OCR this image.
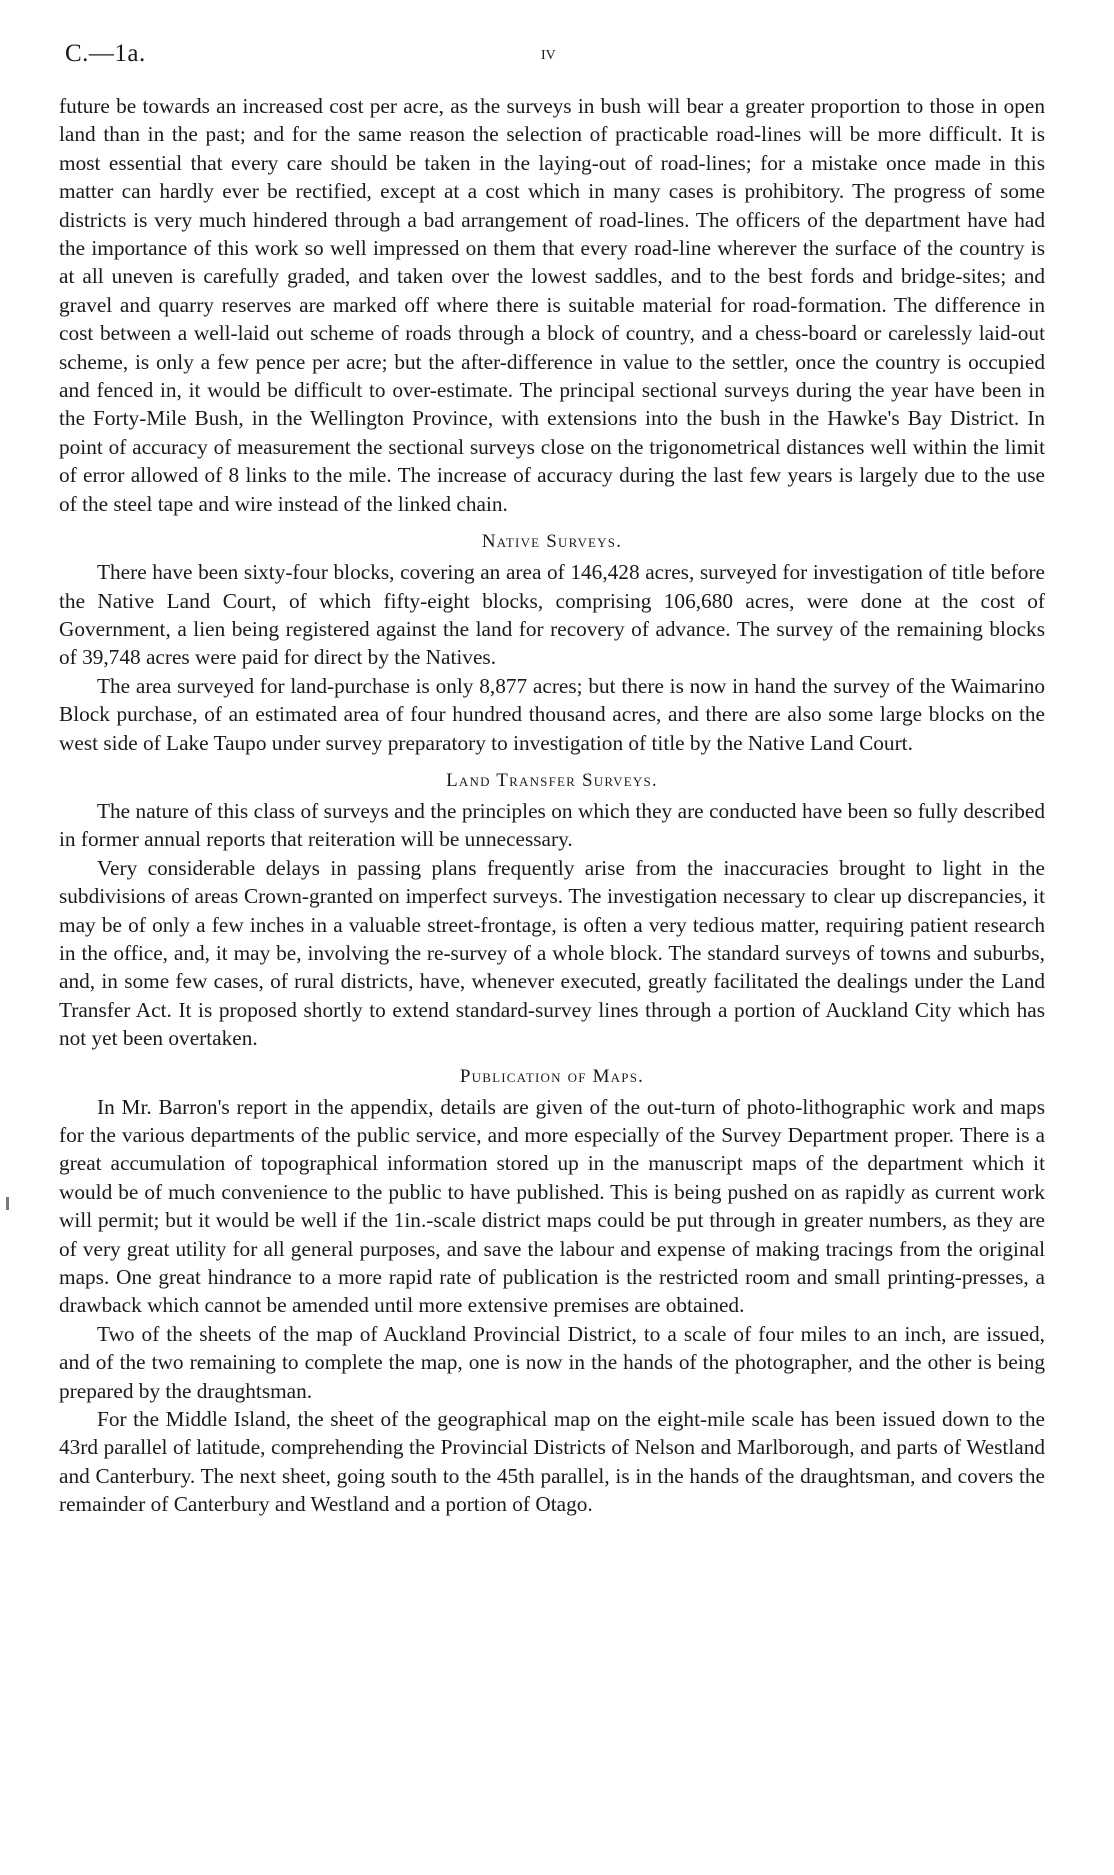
C.—1a.	iv

future be towards an increased cost per acre, as the surveys in bush will bear a greater proportion to those in open land than in the past; and for the same reason the selection of practicable road-lines will be more difficult. It is most essential that every care should be taken in the laying-out of road-lines; for a mistake once made in this matter can hardly ever be rectified, except at a cost which in many cases is prohibitory. The progress of some districts is very much hindered through a bad arrangement of road-lines. The officers of the department have had the importance of this work so well impressed on them that every road-line wherever the surface of the country is at all uneven is carefully graded, and taken over the lowest saddles, and to the best fords and bridge-sites; and gravel and quarry reserves are marked off where there is suitable material for road-formation. The difference in cost between a well-laid out scheme of roads through a block of country, and a chess-board or carelessly laid-out scheme, is only a few pence per acre; but the after-difference in value to the settler, once the country is occupied and fenced in, it would be difficult to over-estimate. The principal sectional surveys during the year have been in the Forty-Mile Bush, in the Wellington Province, with extensions into the bush in the Hawke's Bay District. In point of accuracy of measurement the sectional surveys close on the trigonometrical distances well within the limit of error allowed of 8 links to the mile. The increase of accuracy during the last few years is largely due to the use of the steel tape and wire instead of the linked chain.

Native Surveys.

There have been sixty-four blocks, covering an area of 146,428 acres, surveyed for investigation of title before the Native Land Court, of which fifty-eight blocks, comprising 106,680 acres, were done at the cost of Government, a lien being registered against the land for recovery of advance. The survey of the remaining blocks of 39,748 acres were paid for direct by the Natives.

The area surveyed for land-purchase is only 8,877 acres; but there is now in hand the survey of the Waimarino Block purchase, of an estimated area of four hundred thousand acres, and there are also some large blocks on the west side of Lake Taupo under survey preparatory to investigation of title by the Native Land Court.

Land Transfer Surveys.

The nature of this class of surveys and the principles on which they are conducted have been so fully described in former annual reports that reiteration will be unnecessary.

Very considerable delays in passing plans frequently arise from the inaccuracies brought to light in the subdivisions of areas Crown-granted on imperfect surveys. The investigation necessary to clear up discrepancies, it may be of only a few inches in a valuable street-frontage, is often a very tedious matter, requiring patient research in the office, and, it may be, involving the re-survey of a whole block. The standard surveys of towns and suburbs, and, in some few cases, of rural districts, have, whenever executed, greatly facilitated the dealings under the Land Transfer Act. It is proposed shortly to extend standard-survey lines through a portion of Auckland City which has not yet been overtaken.

Publication of Maps.

In Mr. Barron's report in the appendix, details are given of the out-turn of photo-lithographic work and maps for the various departments of the public service, and more especially of the Survey Department proper. There is a great accumulation of topographical information stored up in the manuscript maps of the department which it would be of much convenience to the public to have published. This is being pushed on as rapidly as current work will permit; but it would be well if the 1in.-scale district maps could be put through in greater numbers, as they are of very great utility for all general purposes, and save the labour and expense of making tracings from the original maps. One great hindrance to a more rapid rate of publication is the restricted room and small printing-presses, a drawback which cannot be amended until more extensive premises are obtained.

Two of the sheets of the map of Auckland Provincial District, to a scale of four miles to an inch, are issued, and of the two remaining to complete the map, one is now in the hands of the photographer, and the other is being prepared by the draughtsman.

For the Middle Island, the sheet of the geographical map on the eight-mile scale has been issued down to the 43rd parallel of latitude, comprehending the Provincial Districts of Nelson and Marlborough, and parts of Westland and Canterbury. The next sheet, going south to the 45th parallel, is in the hands of the draughtsman, and covers the remainder of Canterbury and Westland and a portion of Otago.
